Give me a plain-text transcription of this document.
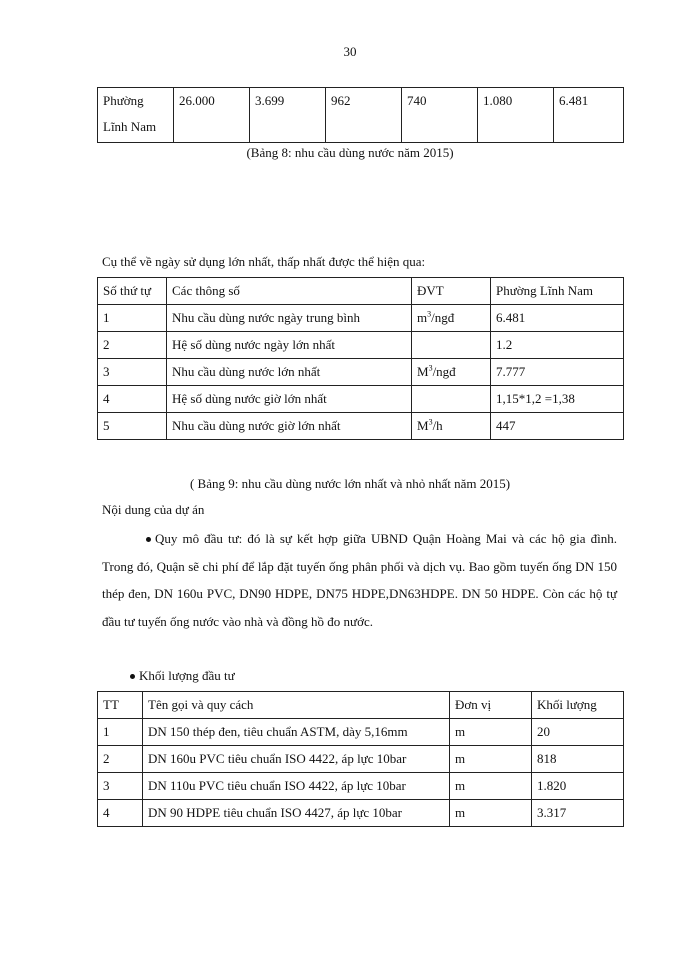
30
Phường
Lĩnh Nam	26.000	3.699	962	740	1.080	6.481
(Bảng 8: nhu cầu dùng nước năm 2015)
Cụ thể về ngày sử dụng lớn nhất, thấp nhất được thể hiện qua:
Số thứ tự	Các thông số	ĐVT	Phường Lĩnh Nam
1	Nhu cầu dùng nước ngày trung bình	$m^3$/ngđ	6.481
2	Hệ số dùng nước ngày lớn nhất		1.2
3	Nhu cầu dùng nước lớn nhất	$M^3$/ngđ	7.777
4	Hệ số dùng nước giờ lớn nhất		1,15*1,2 =1,38
5	Nhu cầu dùng nước giờ lớn nhất	$M^3/h$	447
( Bảng 9: nhu cầu dùng nước lớn nhất và nhỏ nhất năm 2015)
Nội dung của dự án
Quy mô đầu tư: đó là sự kết hợp giữa UBND Quận Hoàng Mai và các hộ gia đình. Trong đó, Quận sẽ chi phí để lắp đặt tuyến ống phân phối và dịch vụ. Bao gồm tuyến ống DN 150 thép đen, DN 160u PVC, DN90 HDPE, DN75 HDPE,DN63HDPE. DN 50 HDPE. Còn các hộ tự đầu tư tuyến ống nước vào nhà và đồng hồ đo nước.
Khối lượng đầu tư
TT	Tên gọi và quy cách	Đơn vị	Khối lượng
1	DN 150 thép đen, tiêu chuẩn ASTM, dày 5,16mm	m	20
2	DN 160u PVC tiêu chuẩn ISO 4422, áp lực 10bar	m	818
3	DN 110u PVC tiêu chuẩn ISO 4422, áp lực 10bar	m	1.820
4	DN 90 HDPE tiêu chuẩn ISO 4427, áp lực 10bar	m	3.317
